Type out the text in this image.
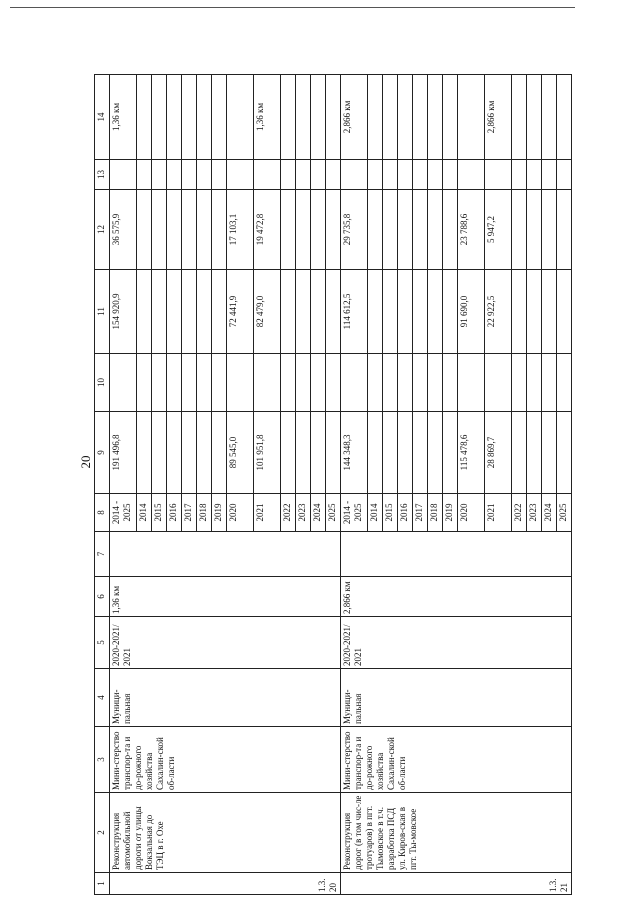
20
1	2	3	4	5	6	7	8	9	10	11	12	13	14
1.3.
20	Реконструкция автомобильной дороги от улицы Вокзальная до ТЭЦ в г. Охе	Мини-стерство транспор-та и до-рожного хозяйства Сахалин-ской об-ласти	Муници-пальная	2020-2021/ 2021	1,36 км		2014 - 2025	191 496,8		154 920,9	36 575,9		1,36 км
							2014						
							2015						
							2016						
							2017						
							2018						
							2019						
							2020	89 545,0		72 441,9	17 103,1		
							2021	101 951,8		82 479,0	19 472,8		1,36 км
							2022						
							2023						
							2024						
							2025						
1.3.
21	Реконструкция дорог (в том чис-ле тротуаров) в пгт. Тымовское в т.ч. разработка ПСД ул. Киров-ская в пгт. Ты-мовское	Мини-стерство транспор-та и до-рожного хозяйства Сахалин-ской об-ласти	Муници-пальная	2020-2021/ 2021	2,866 км		2014 - 2025	144 348,3		114 612,5	29 735,8		2,866 км
							2014						
							2015						
							2016						
							2017						
							2018						
							2019						
							2020	115 478,6		91 690,0	23 788,6		
							2021	28 869,7		22 922,5	5 947,2		2,866 км
							2022						
							2023						
							2024						
							2025						
